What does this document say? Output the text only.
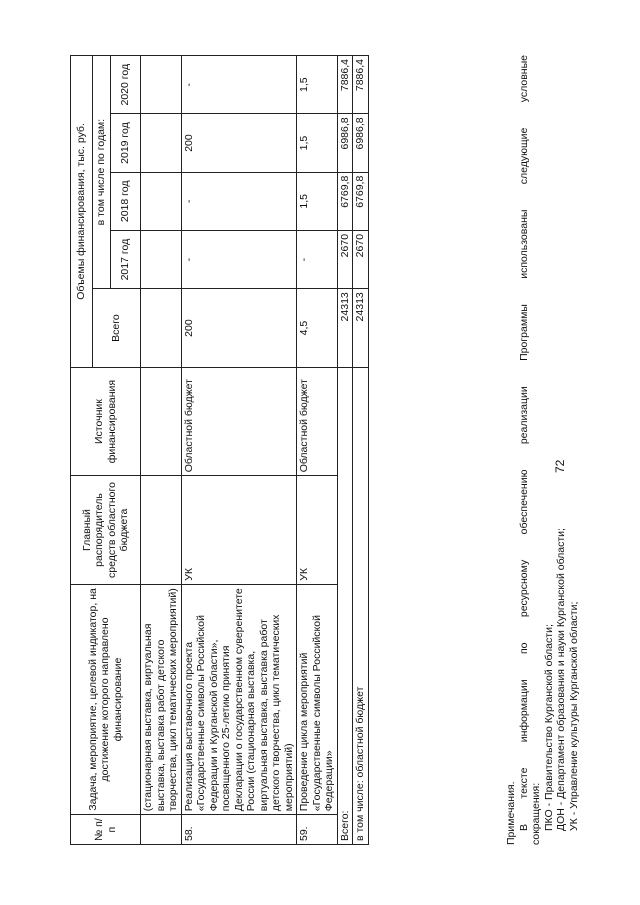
72
№ п/п	Задача, мероприятие, целевой индикатор, на достижение которого направлено финансирование	Главный распорядитель средств областного бюджета	Источник финансирования	Объемы финансирования, тыс. руб.				
				Всего	в том числе по годам:			
					2017 год	2018 год	2019 год	2020 год
	(стационарная выставка, виртуальная выставка, выставка работ детского творчества, цикл тематических мероприятий)							
58.	Реализация выставочного проекта «Государственные символы Российской Федерации и Курганской области», посвященного 25-летию принятия Декларации о государственном суверенитете России (стационарная выставка, виртуальная выставка, выставка работ детского творчества, цикл тематических мероприятий)	УК	Областной бюджет	200	-	-	200	-
59.	Проведение цикла мероприятий «Государственные символы Российской Федерации»	УК	Областной бюджет	4,5	-	1,5	1,5	1,5
Всего:				24313	2670	6769,8	6986,8	7886,4
в том числе: областной бюджет				24313	2670	6769,8	6986,8	7886,4

Примечания. В тексте информации по ресурсному обеспечению реализации Программы использованы следующие условные сокращения: ПКО - Правительство Курганской области; ДОН - Департамент образования и науки Курганской области; УК - Управление культуры Курганской области;
